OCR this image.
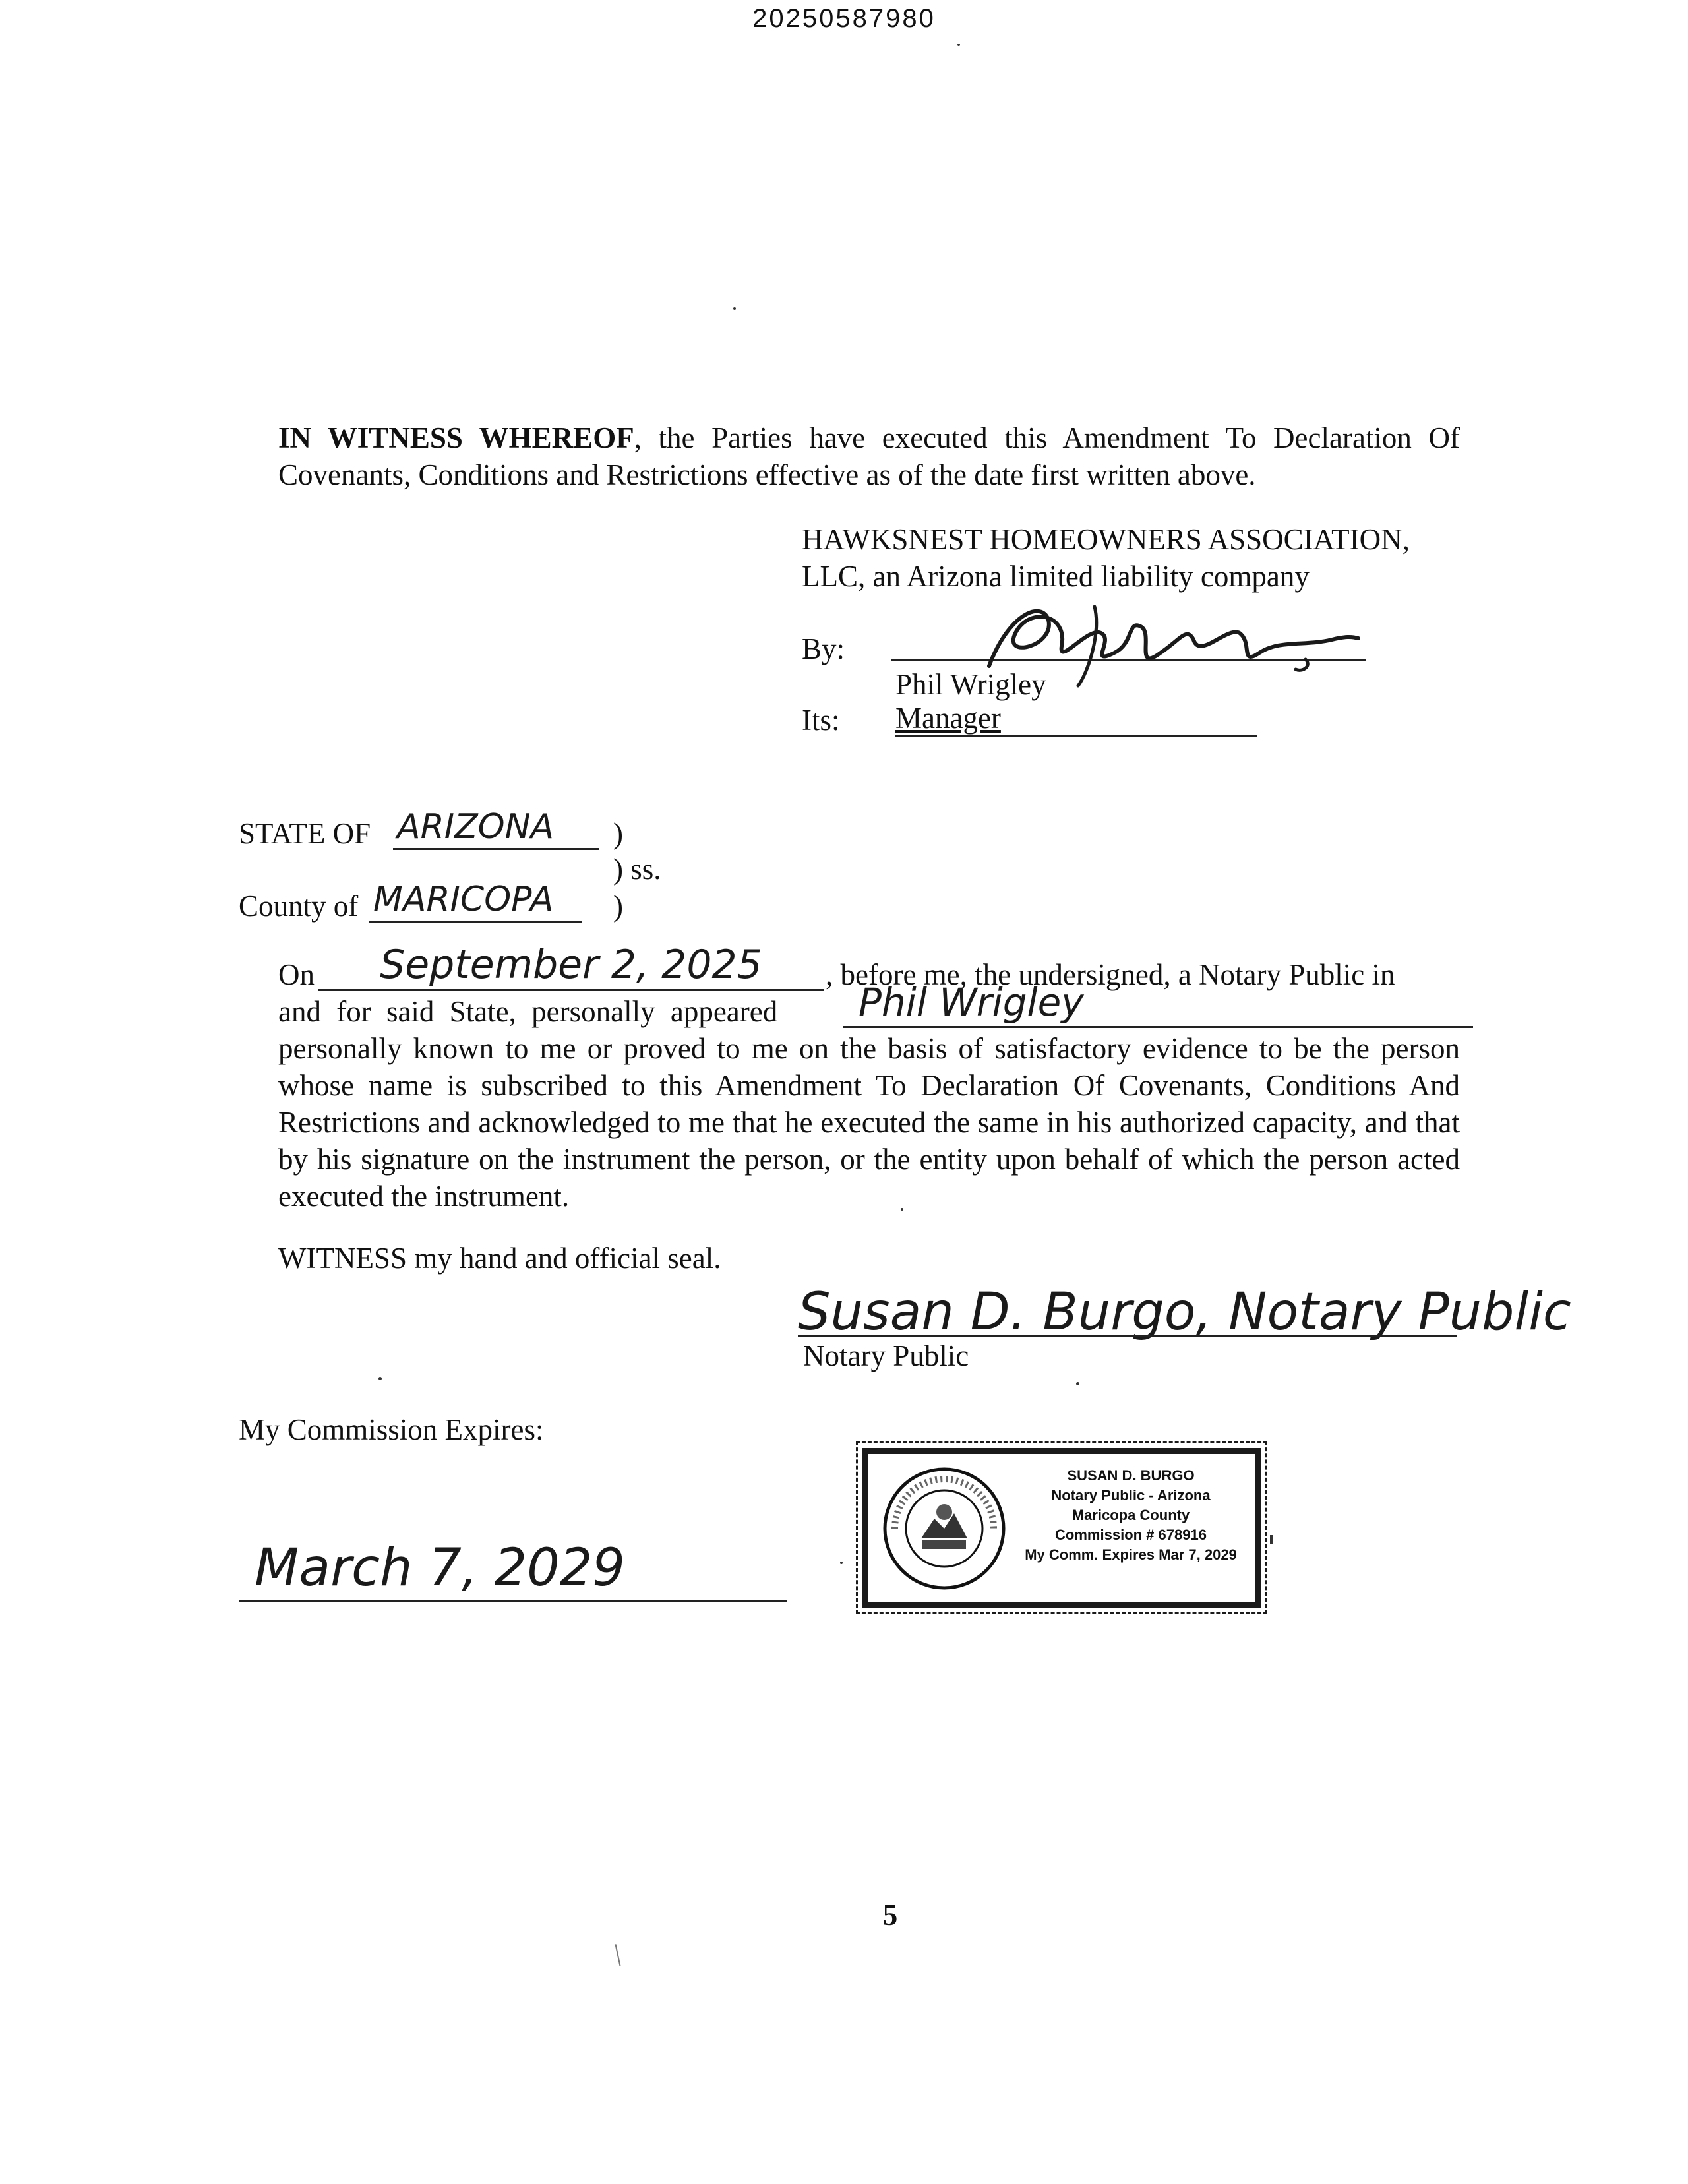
20250587980
IN WITNESS WHEREOF, the Parties have executed this Amendment To Declaration Of Covenants, Conditions and Restrictions effective as of the date first written above.
HAWKSNEST HOMEOWNERS ASSOCIATION,
LLC, an Arizona limited liability company
By:
Phil Wrigley
Its: Manager
STATE OF ARIZONA	)
) ss.
County of MARICOPA	)
On	September 2, 2025	, before me, the undersigned, a Notary Public in
and for said State, personally appeared	Phil Wrigley
personally known to me or proved to me on the basis of satisfactory evidence to be the person whose name is subscribed to this Amendment To Declaration Of Covenants, Conditions And Restrictions and acknowledged to me that he executed the same in his authorized capacity, and that by his signature on the instrument the person, or the entity upon behalf of which the person acted executed the instrument.
WITNESS my hand and official seal.
Susan D. Burgo, Notary Public
Notary Public
My Commission Expires:
March 7, 2029
SUSAN D. BURGO
Notary Public - Arizona
Maricopa County
Commission # 678916
My Comm. Expires Mar 7, 2029
5
